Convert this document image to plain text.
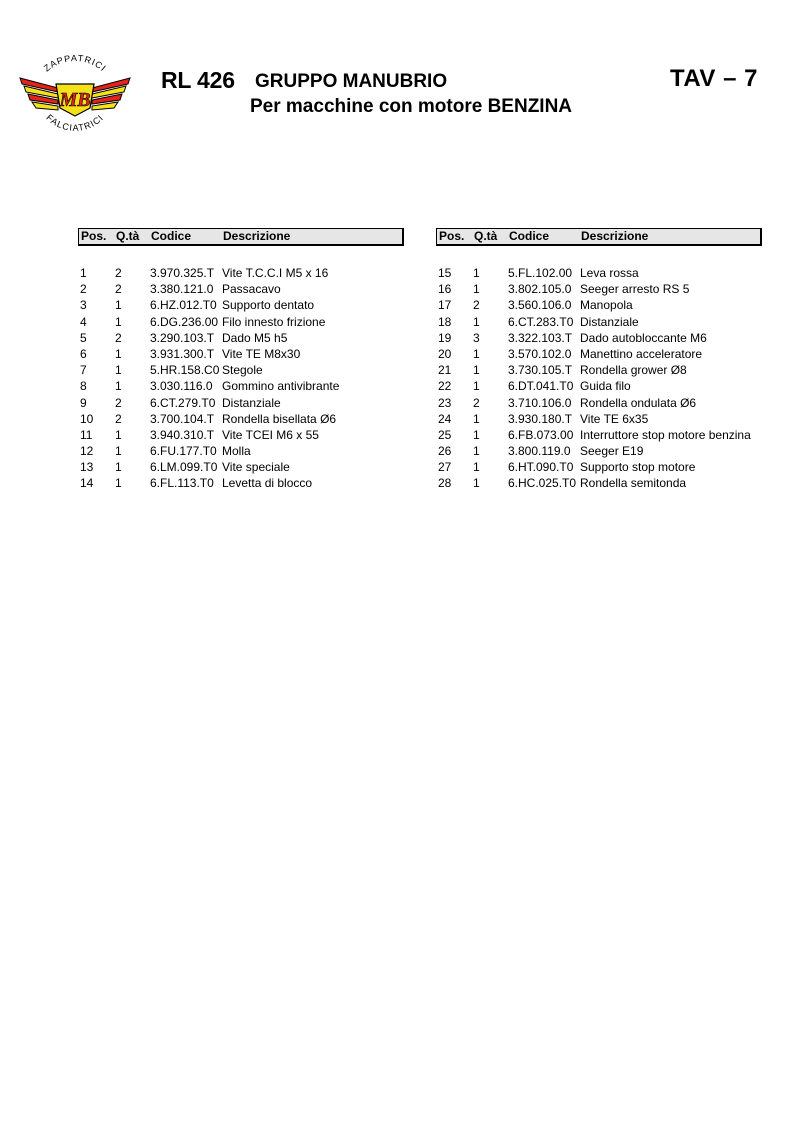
MB
ZAPPATRICI
FALCIATRICI
RL 426 GRUPPO MANUBRIO
Per macchine con motore BENZINA
TAV – 7
Pos. Q.tà Codice	Descrizione
1 2 3.970.325.T Vite T.C.C.I M5 x 16
2 2 3.380.121.0 Passacavo
3 1 6.HZ.012.T0 Supporto dentato
4 1 6.DG.236.00 Filo innesto frizione
5 2 3.290.103.T Dado M5 h5
6 1 3.931.300.T Vite TE M8x30
7 1 5.HR.158.C0 Stegole
8 1 3.030.116.0 Gommino antivibrante
9 2 6.CT.279.T0 Distanziale
10 2 3.700.104.T Rondella bisellata Ø6
11 1 3.940.310.T Vite TCEI M6 x 55
12 1 6.FU.177.T0 Molla
13 1 6.LM.099.T0 Vite speciale
14 1 6.FL.113.T0 Levetta di blocco
Pos. Q.tà Codice	Descrizione
15 1 5.FL.102.00 Leva rossa
16 1 3.802.105.0 Seeger arresto RS 5
17 2 3.560.106.0 Manopola
18 1 6.CT.283.T0 Distanziale
19 3 3.322.103.T Dado autobloccante M6
20 1 3.570.102.0 Manettino acceleratore
21 1 3.730.105.T Rondella grower Ø8
22 1 6.DT.041.T0 Guida filo
23 2 3.710.106.0 Rondella ondulata Ø6
24 1 3.930.180.T Vite TE 6x35
25 1 6.FB.073.00 Interruttore stop motore benzina
26 1 3.800.119.0 Seeger E19
27 1 6.HT.090.T0 Supporto stop motore
28 1 6.HC.025.T0 Rondella semitonda
